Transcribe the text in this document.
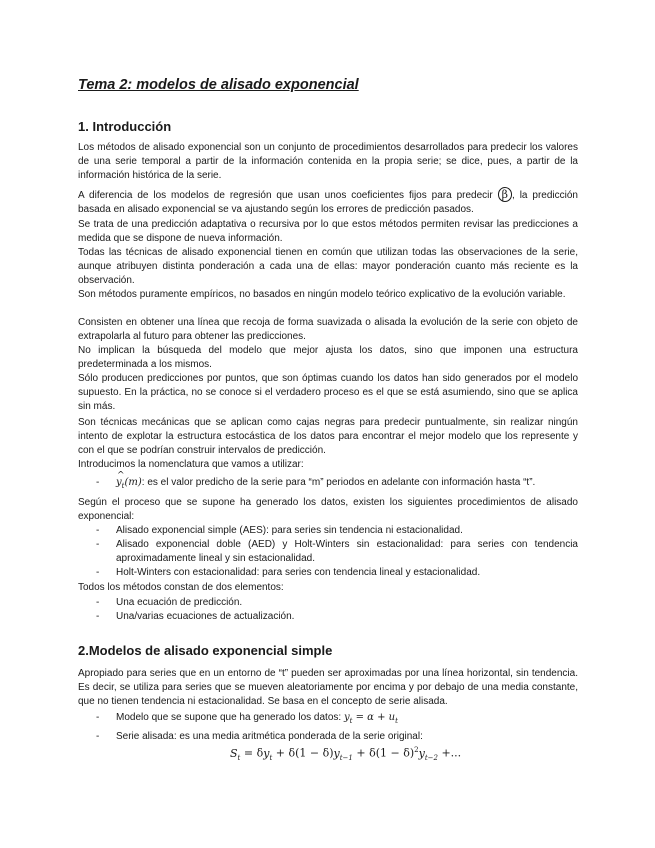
Tema 2: modelos de alisado exponencial
1. Introducción
Los métodos de alisado exponencial son un conjunto de procedimientos desarrollados para predecir los valores de una serie temporal a partir de la información contenida en la propia serie; se dice, pues, a partir de la información histórica de la serie.
A diferencia de los modelos de regresión que usan unos coeficientes fijos para predecir β , la predicción basada en alisado exponencial se va ajustando según los errores de predicción pasados.
Se trata de una predicción adaptativa o recursiva por lo que estos métodos permiten revisar las predicciones a medida que se dispone de nueva información.
Todas las técnicas de alisado exponencial tienen en común que utilizan todas las observaciones de la serie, aunque atribuyen distinta ponderación a cada una de ellas: mayor ponderación cuanto más reciente es la observación.
Son métodos puramente empíricos, no basados en ningún modelo teórico explicativo de la evolución variable.
Consisten en obtener una línea que recoja de forma suavizada o alisada la evolución de la serie con objeto de extrapolarla al futuro para obtener las predicciones.
No implican la búsqueda del modelo que mejor ajusta los datos, sino que imponen una estructura predeterminada a los mismos.
Sólo producen predicciones por puntos, que son óptimas cuando los datos han sido generados por el modelo supuesto. En la práctica, no se conoce si el verdadero proceso es el que se está asumiendo, sino que se aplica sin más.
Son técnicas mecánicas que se aplican como cajas negras para predecir puntualmente, sin realizar ningún intento de explotar la estructura estocástica de los datos para encontrar el mejor modelo que los represente y con el que se podrían construir intervalos de predicción.
Introducimos la nomenclatura que vamos a utilizar:
-
^
$y_t(m)$: es el valor predicho de la serie para “m” periodos en adelante con información hasta “t”.
Según el proceso que se supone ha generado los datos, existen los siguientes procedimientos de alisado exponencial:
- Alisado exponencial simple (AES): para series sin tendencia ni estacionalidad.
- Alisado exponencial doble (AED) y Holt-Winters sin estacionalidad: para series con tendencia aproximadamente lineal y sin estacionalidad.
- Holt-Winters con estacionalidad: para series con tendencia lineal y estacionalidad.
Todos los métodos constan de dos elementos:
- Una ecuación de predicción.
- Una/varias ecuaciones de actualización.
2.Modelos de alisado exponencial simple
Apropiado para series que en un entorno de “t” pueden ser aproximadas por una línea horizontal, sin tendencia. Es decir, se utiliza para series que se mueven aleatoriamente por encima y por debajo de una media constante, que no tienen tendencia ni estacionalidad. Se basa en el concepto de serie alisada.
- Modelo que se supone que ha generado los datos: $y_t = \alpha + u_t$
- Serie alisada: es una media aritmética ponderada de la serie original:
$S_t = \delta y_t + \delta(1 - \delta)y_{t-1} + \delta(1 - \delta)^2y_{t-2}$ +...
